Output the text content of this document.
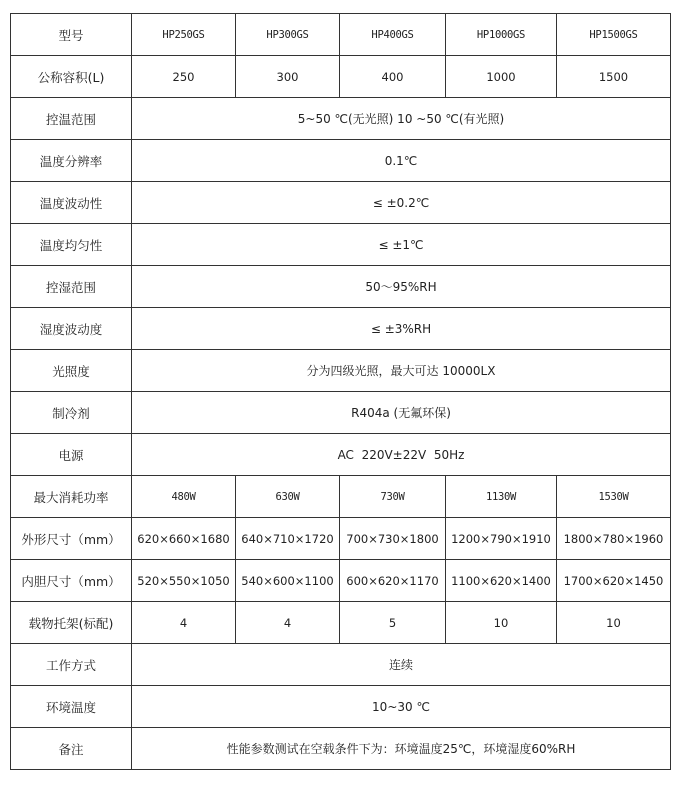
型号	HP250GS	HP300GS	HP400GS	HP1000GS	HP1500GS
公称容积(L)	250	300	400	1000	1500
控温范围	5~50 ℃(无光照) 10 ~50 ℃(有光照)				
温度分辨率	0.1℃				
温度波动性	≤ ±0.2℃				
温度均匀性	≤ ±1℃				
控湿范围	50～95%RH				
湿度波动度	≤ ±3%RH				
光照度	分为四级光照，最大可达 10000LX				
制冷剂	R404a (无氟环保)				
电源	AC  220V±22V  50Hz				
最大消耗功率	480W	630W	730W	1130W	1530W
外形尺寸（mm）	620×660×1680	640×710×1720	700×730×1800	1200×790×1910	1800×780×1960
内胆尺寸（mm）	520×550×1050	540×600×1100	600×620×1170	1100×620×1400	1700×620×1450
载物托架(标配)	4	4	5	10	10
工作方式	连续				
环境温度	10~30 ℃				
备注	性能参数测试在空载条件下为：环境温度25℃，环境湿度60%RH				
